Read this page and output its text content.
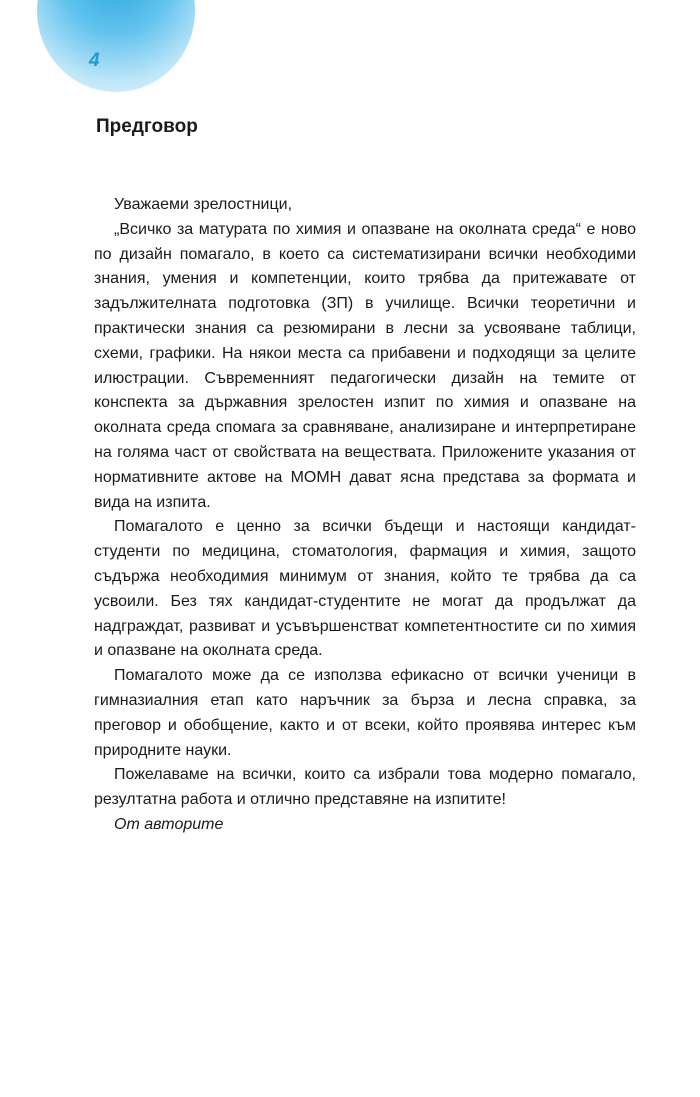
4
Предговор

Уважаеми зрелостници,

„Всичко за матурата по химия и опазване на околната среда“ е ново по дизайн помагало, в което са систематизирани всички необходими знания, умения и компетенции, които трябва да притежавате от задължителната подготовка (ЗП) в училище. Всички теоретични и практически знания са резюмирани в лесни за усвояване таблици, схеми, графики. На някои места са прибавени и подходящи за целите илюстрации. Съвременният педагогически дизайн на темите от конспекта за държавния зрелостен изпит по химия и опазване на околната среда спомага за сравняване, анализиране и интерпретиране на голяма част от свойствата на веществата. Приложените указания от нормативните актове на МОМН дават ясна представа за формата и вида на изпита.

Помагалото е ценно за всички бъдещи и настоящи кандидат-студенти по медицина, стоматология, фармация и химия, защото съдържа необходимия минимум от знания, който те трябва да са усвоили. Без тях кандидат-студентите не могат да продължат да надграждат, развиват и усъвършенстват компетентностите си по химия и опазване на околната среда.

Помагалото може да се използва ефикасно от всички ученици в гимназиалния етап като наръчник за бърза и лесна справка, за преговор и обобщение, както и от всеки, който проявява интерес към природните науки.

Пожелаваме на всички, които са избрали това модерно помагало, резултатна работа и отлично представяне на изпитите!

От авторите
